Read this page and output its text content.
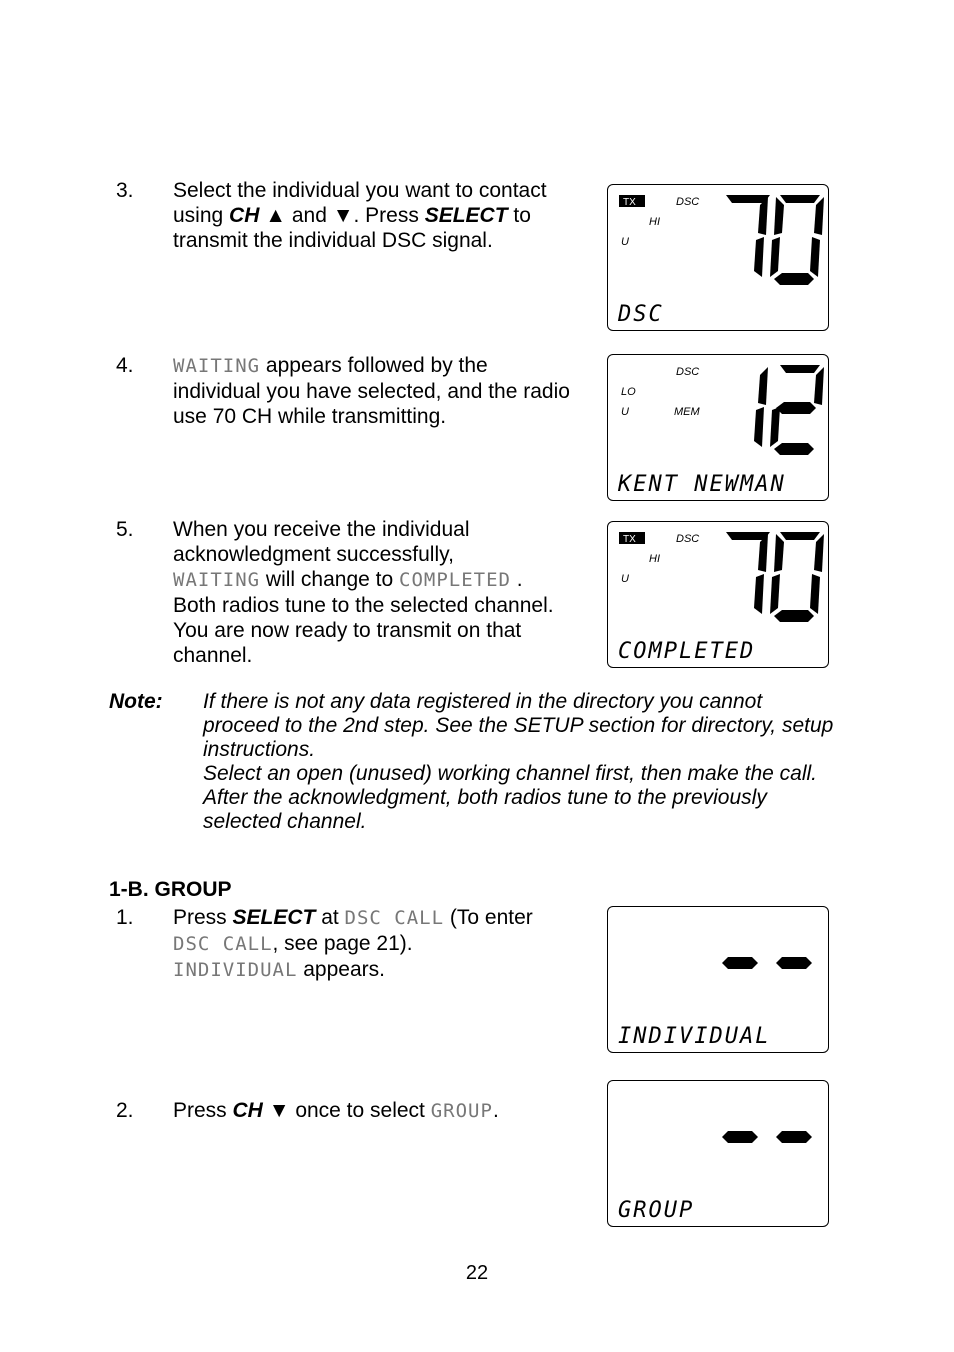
3. Select the individual you want to contact using CH ▲ and ▼. Press SELECT to transmit the individual DSC signal.
TX	DSC
HI
U
DSC
4. WAITING appears followed by the individual you have selected, and the radio use 70 CH while transmitting.
DSC
LO
U	MEM
KENT NEWMAN
5. When you receive the individual acknowledgment successfully,
WAITING will change to COMPLETED .
Both radios tune to the selected channel. You are now ready to transmit on that channel.
TX	DSC
HI
U
COMPLETED
Note: If there is not any data registered in the directory you cannot proceed to the 2nd step. See the SETUP section for directory, setup instructions.
Select an open (unused) working channel first, then make the call. After the acknowledgment, both radios tune to the previously selected channel.
1-B. GROUP
1. Press SELECT at DSC CALL (To enter
DSC CALL, see page 21).
INDIVIDUAL appears.
INDIVIDUAL
2. Press CH ▼ once to select GROUP.
GROUP
22
